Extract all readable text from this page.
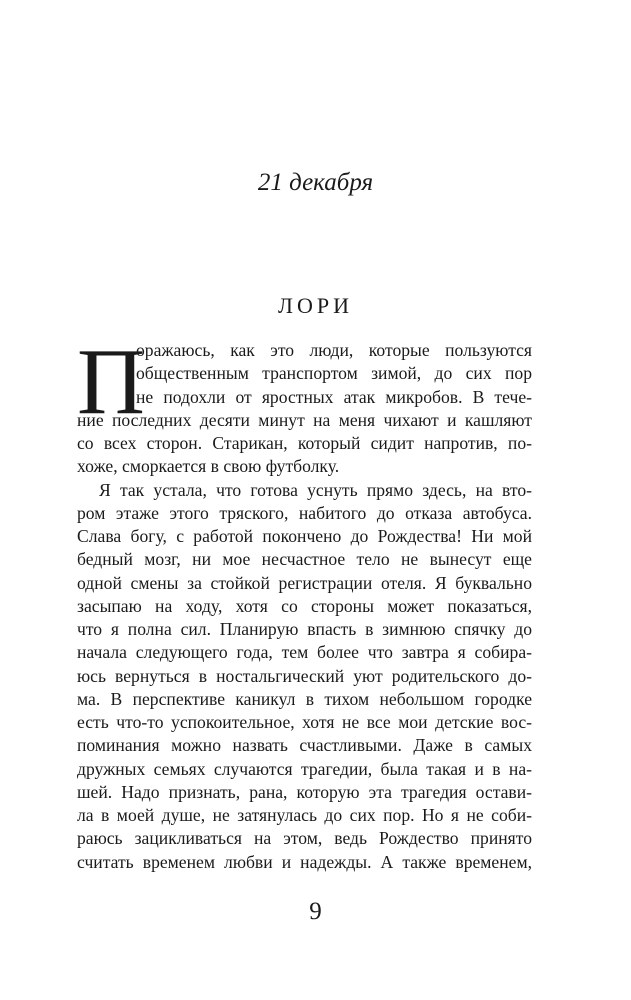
21 декабря
ЛОРИ
П
оражаюсь, как это люди, которые пользуются
общественным транспортом зимой, до сих пор
не подохли от яростных атак микробов. В тече-
ние последних десяти минут на меня чихают и кашляют
со всех сторон. Старикан, который сидит напротив, по-
хоже, сморкается в свою футболку.
Я так устала, что готова уснуть прямо здесь, на вто-
ром этаже этого тряского, набитого до отказа автобуса.
Слава богу, с работой покончено до Рождества! Ни мой
бедный мозг, ни мое несчастное тело не вынесут еще
одной смены за стойкой регистрации отеля. Я буквально
засыпаю на ходу, хотя со стороны может показаться,
что я полна сил. Планирую впасть в зимнюю спячку до
начала следующего года, тем более что завтра я собира-
юсь вернуться в ностальгический уют родительского до-
ма. В перспективе каникул в тихом небольшом городке
есть что-то успокоительное, хотя не все мои детские вос-
поминания можно назвать счастливыми. Даже в самых
дружных семьях случаются трагедии, была такая и в на-
шей. Надо признать, рана, которую эта трагедия остави-
ла в моей душе, не затянулась до сих пор. Но я не соби-
раюсь зацикливаться на этом, ведь Рождество принято
считать временем любви и надежды. А также временем,
9
